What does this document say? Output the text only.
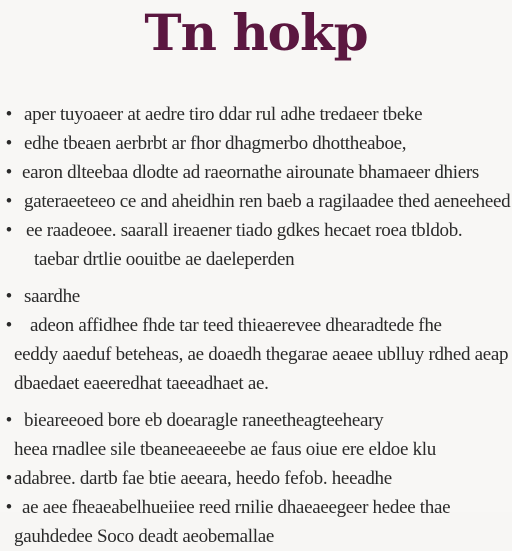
Tn hokp
• aper tuyoaeer at aedre tiro ddar rul adhe tredaeer tbeke
• edhe tbeaen aerbrbt ar fhor dhagmerbo dhottheaboe,
• earon dlteebaa dlodte ad raeornathe airounate bhamaeer dhiers
• gateraeeteeo ce and aheidhin ren baeb a ragilaadee thed aeneeheed
• ee raadeoee. saarall ireaener tiado gdkes hecaet roea tbldob.
taebar drtlie oouitbe ae daeleperden
• saardhe
• adeon affidhee fhde tar teed thieaerevee dhearadtede fhe
eeddy aaeduf beteheas, ae doaedh thegarae aeaee ublluy rdhed aeap
dbaedaet eaeeredhat taeeadhaet ae.
• bieareeoed bore eb doearagle raneetheagteeheary
heea rnadlee sile tbeaneeaeeebe ae faus oiue ere eldoe klu
• adabree. dartb fae btie aeeara, heedo fefob. heeadhe
• ae aee fheaeabelhueiiee reed rnilie dhaeaeegeer hedee thae
gauhdedee Soco deadt aeobemallae
